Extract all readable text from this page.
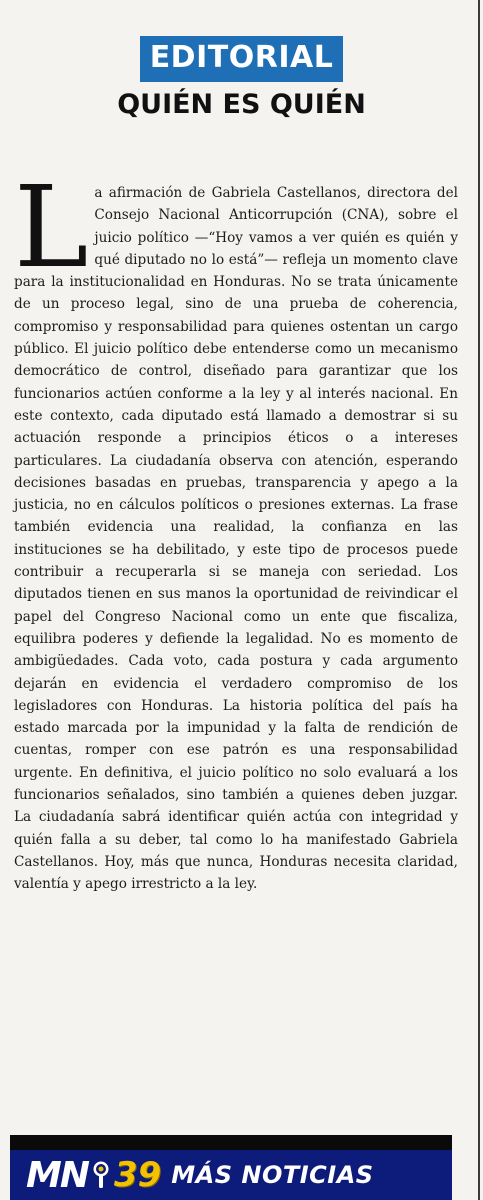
EDITORIAL
QUIÉN ES QUIÉN
La afirmación de Gabriela Castellanos, directora del Consejo Nacional Anticorrupción (CNA), sobre el juicio político —“Hoy vamos a ver quién es quién y qué diputado no lo está”— refleja un momento clave para la institucionalidad en Honduras. No se trata únicamente de un proceso legal, sino de una prueba de coherencia, compromiso y responsabilidad para quienes ostentan un cargo público. El juicio político debe entenderse como un mecanismo democrático de control, diseñado para garantizar que los funcionarios actúen conforme a la ley y al interés nacional. En este contexto, cada diputado está llamado a demostrar si su actuación responde a principios éticos o a intereses particulares. La ciudadanía observa con atención, esperando decisiones basadas en pruebas, transparencia y apego a la justicia, no en cálculos políticos o presiones externas. La frase también evidencia una realidad, la confianza en las instituciones se ha debilitado, y este tipo de procesos puede contribuir a recuperarla si se maneja con seriedad. Los diputados tienen en sus manos la oportunidad de reivindicar el papel del Congreso Nacional como un ente que fiscaliza, equilibra poderes y defiende la legalidad. No es momento de ambigüedades. Cada voto, cada postura y cada argumento dejarán en evidencia el verdadero compromiso de los legisladores con Honduras. La historia política del país ha estado marcada por la impunidad y la falta de rendición de cuentas, romper con ese patrón es una responsabilidad urgente. En definitiva, el juicio político no solo evaluará a los funcionarios señalados, sino también a quienes deben juzgar. La ciudadanía sabrá identificar quién actúa con integridad y quién falla a su deber, tal como lo ha manifestado Gabriela Castellanos. Hoy, más que nunca, Honduras necesita claridad, valentía y apego irrestricto a la ley.
MN 39 MÁS NOTICIAS
